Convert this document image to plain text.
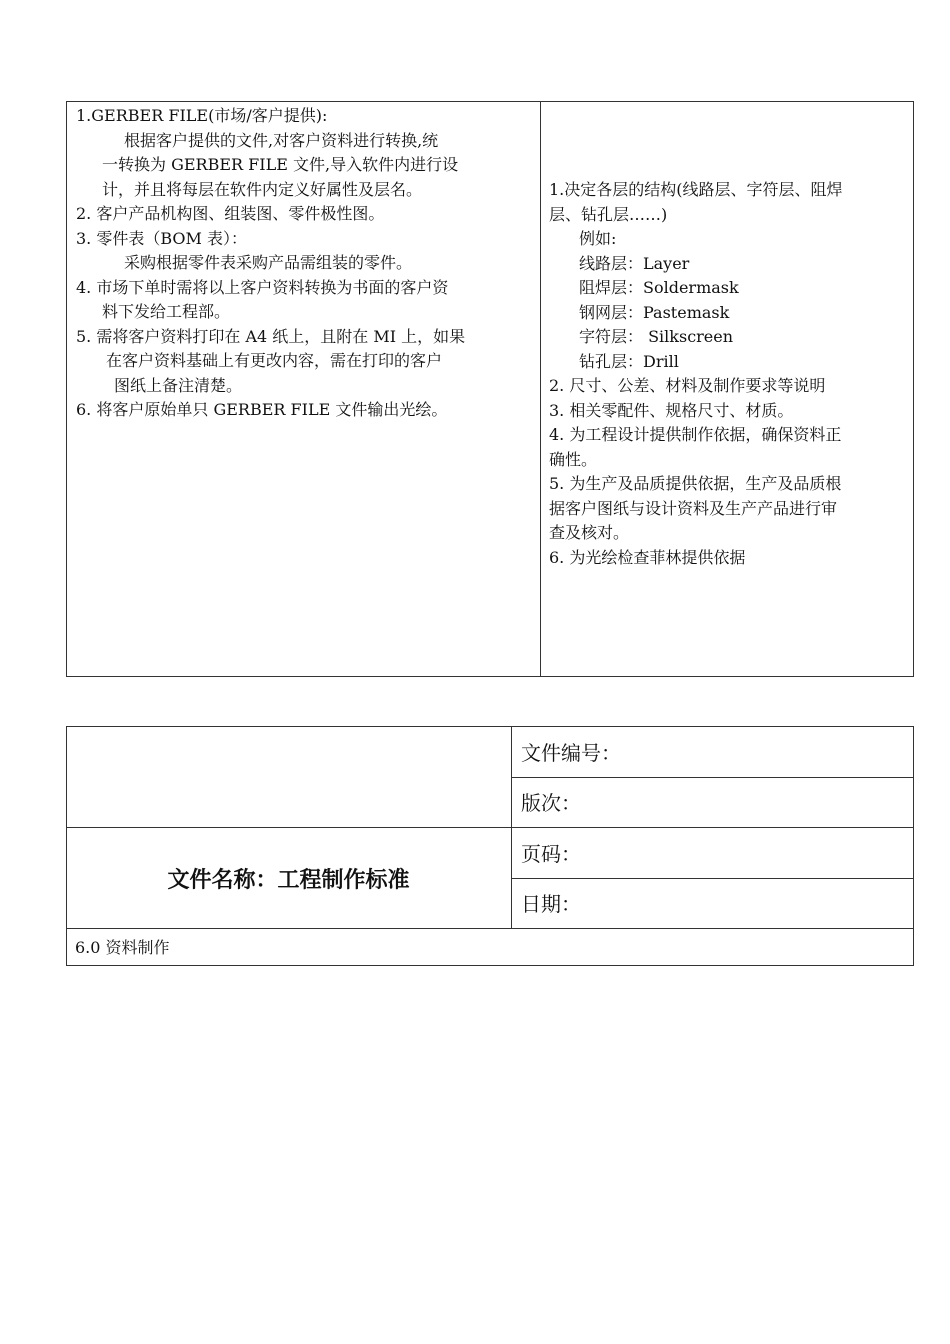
1.GERBER FILE(市场/客户提供):
根据客户提供的文件,对客户资料进行转换,统
一转换为 GERBER FILE 文件,导入软件内进行设
计，并且将每层在软件内定义好属性及层名。
2. 客户产品机构图、组装图、零件极性图。
3. 零件表（BOM 表）：
采购根据零件表采购产品需组装的零件。
4. 市场下单时需将以上客户资料转换为书面的客户资
料下发给工程部。
5. 需将客户资料打印在 A4 纸上，且附在 MI 上，如果
在客户资料基础上有更改内容，需在打印的客户
图纸上备注清楚。
6. 将客户原始单只 GERBER FILE 文件输出光绘。
1.决定各层的结构(线路层、字符层、阻焊
层、钻孔层……)
例如:
线路层：Layer
阻焊层：Soldermask
钢网层：Pastemask
字符层： Silkscreen
钻孔层：Drill
2. 尺寸、公差、材料及制作要求等说明
3. 相关零配件、规格尺寸、材质。
4. 为工程设计提供制作依据，确保资料正
确性。
5. 为生产及品质提供依据，生产及品质根
据客户图纸与设计资料及生产产品进行审
查及核对。
6. 为光绘检查菲林提供依据
文件编号：
版次：
页码：
日期：
文件名称：工程制作标准
6.0 资料制作
